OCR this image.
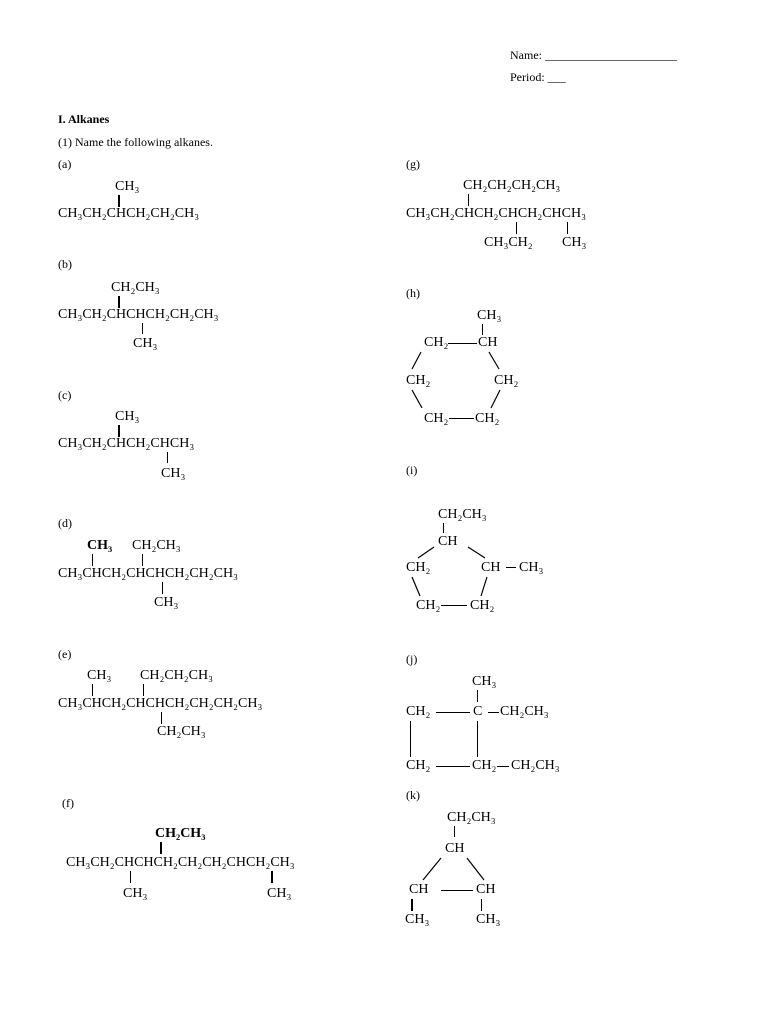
Name: ______________________
Period: ___
I. Alkanes
(1) Name the following alkanes.
(a)
CH₃
CH₃CH₂CHCH₂CH₂CH₃
(b)
CH₂CH₃
CH₃CH₂CHCHCH₂CH₂CH₃
CH₃
(c)
CH₃
CH₃CH₂CHCH₂CHCH₃
CH₃
(d)
CH₃ CH₂CH₃
CH₃CHCH₂CHCHCH₂CH₂CH₃
CH₃
(e)
CH₃ CH₂CH₂CH₃
CH₃CHCH₂CHCHCH₂CH₂CH₂CH₃
CH₂CH₃
(f)
CH₂CH₃
CH₃CH₂CHCHCH₂CH₂CH₂CHCH₂CH₃
CH₃	CH₃
(g)
CH₂CH₂CH₂CH₃
CH₃CH₂CHCH₂CHCH₂CHCH₃
CH₃CH₂ CH₃
(h)
CH₃
CH₂ CH
CH₂	CH₂
CH₂ CH₂
(i)
CH₂CH₃
CH
CH₂	CH CH₃
CH₂ CH₂
(j)
CH₃
CH₂	C CH₂CH₃
CH₂	CH₂ CH₂CH₃
(k)
CH₂CH₃
CH
CH	CH
CH₃	CH₃
